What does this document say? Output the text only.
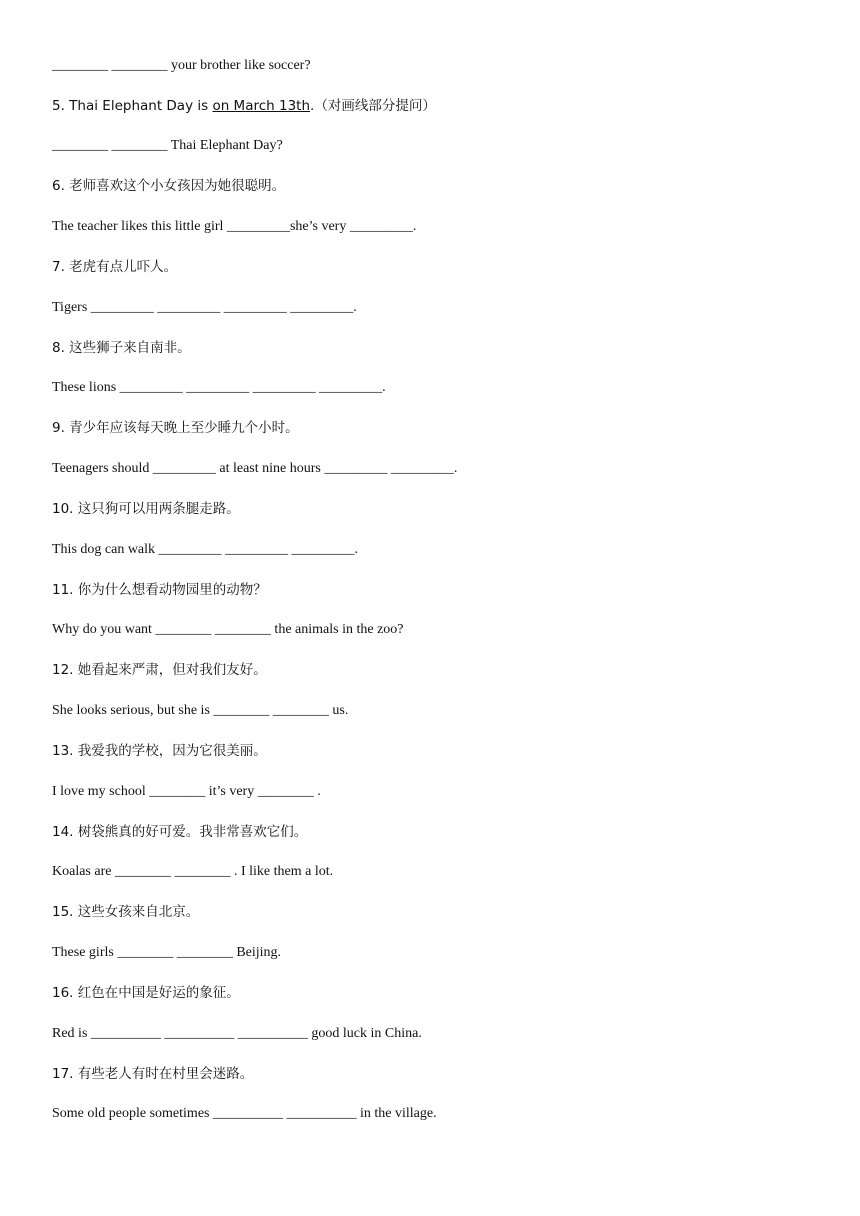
________ ________ your brother like soccer?
5. Thai Elephant Day is on March 13th.（对画线部分提问）
________ ________ Thai Elephant Day?
6. 老师喜欢这个小女孩因为她很聪明。
The teacher likes this little girl _________she’s very _________.
7. 老虎有点儿吓人。
Tigers _________ _________ _________ _________.
8. 这些狮子来自南非。
These lions _________ _________ _________ _________.
9. 青少年应该每天晚上至少睡九个小时。
Teenagers should _________ at least nine hours _________ _________.
10. 这只狗可以用两条腿走路。
This dog can walk _________ _________ _________.
11. 你为什么想看动物园里的动物？
Why do you want ________ ________ the animals in the zoo?
12. 她看起来严肃，但对我们友好。
She looks serious, but she is ________ ________ us.
13. 我爱我的学校，因为它很美丽。
I love my school ________ it’s very ________ .
14. 树袋熊真的好可爱。我非常喜欢它们。
Koalas are ________ ________ . I like them a lot.
15. 这些女孩来自北京。
These girls ________ ________ Beijing.
16. 红色在中国是好运的象征。
Red is __________ __________ __________ good luck in China.
17. 有些老人有时在村里会迷路。
Some old people sometimes __________ __________ in the village.
